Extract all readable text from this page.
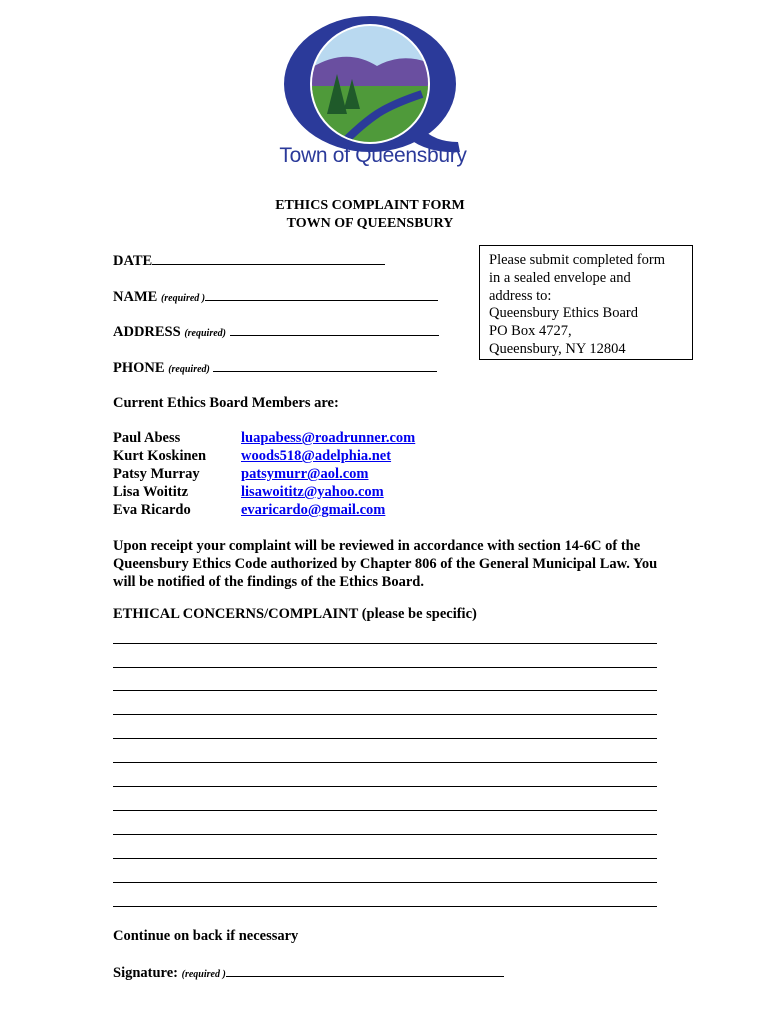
Town of Queensbury
ETHICS COMPLAINT FORM
TOWN OF QUEENSBURY
DATE
NAME (required )
ADDRESS (required)
PHONE (required)
Please submit completed form
in a sealed envelope and
address to:
Queensbury Ethics Board
PO Box 4727,
Queensbury, NY 12804
Current Ethics Board Members are:
Paul Abess
Kurt Koskinen
Patsy Murray
Lisa Woititz
Eva Ricardo
luapabess@roadrunner.com
woods518@adelphia.net
patsymurr@aol.com
lisawoititz@yahoo.com
evaricardo@gmail.com
Upon receipt your complaint will be reviewed in accordance with section 14-6C of the Queensbury Ethics Code authorized by Chapter 806 of the General Municipal Law. You will be notified of the findings of the Ethics Board.
ETHICAL CONCERNS/COMPLAINT (please be specific)
Continue on back if necessary
Signature: (required )
